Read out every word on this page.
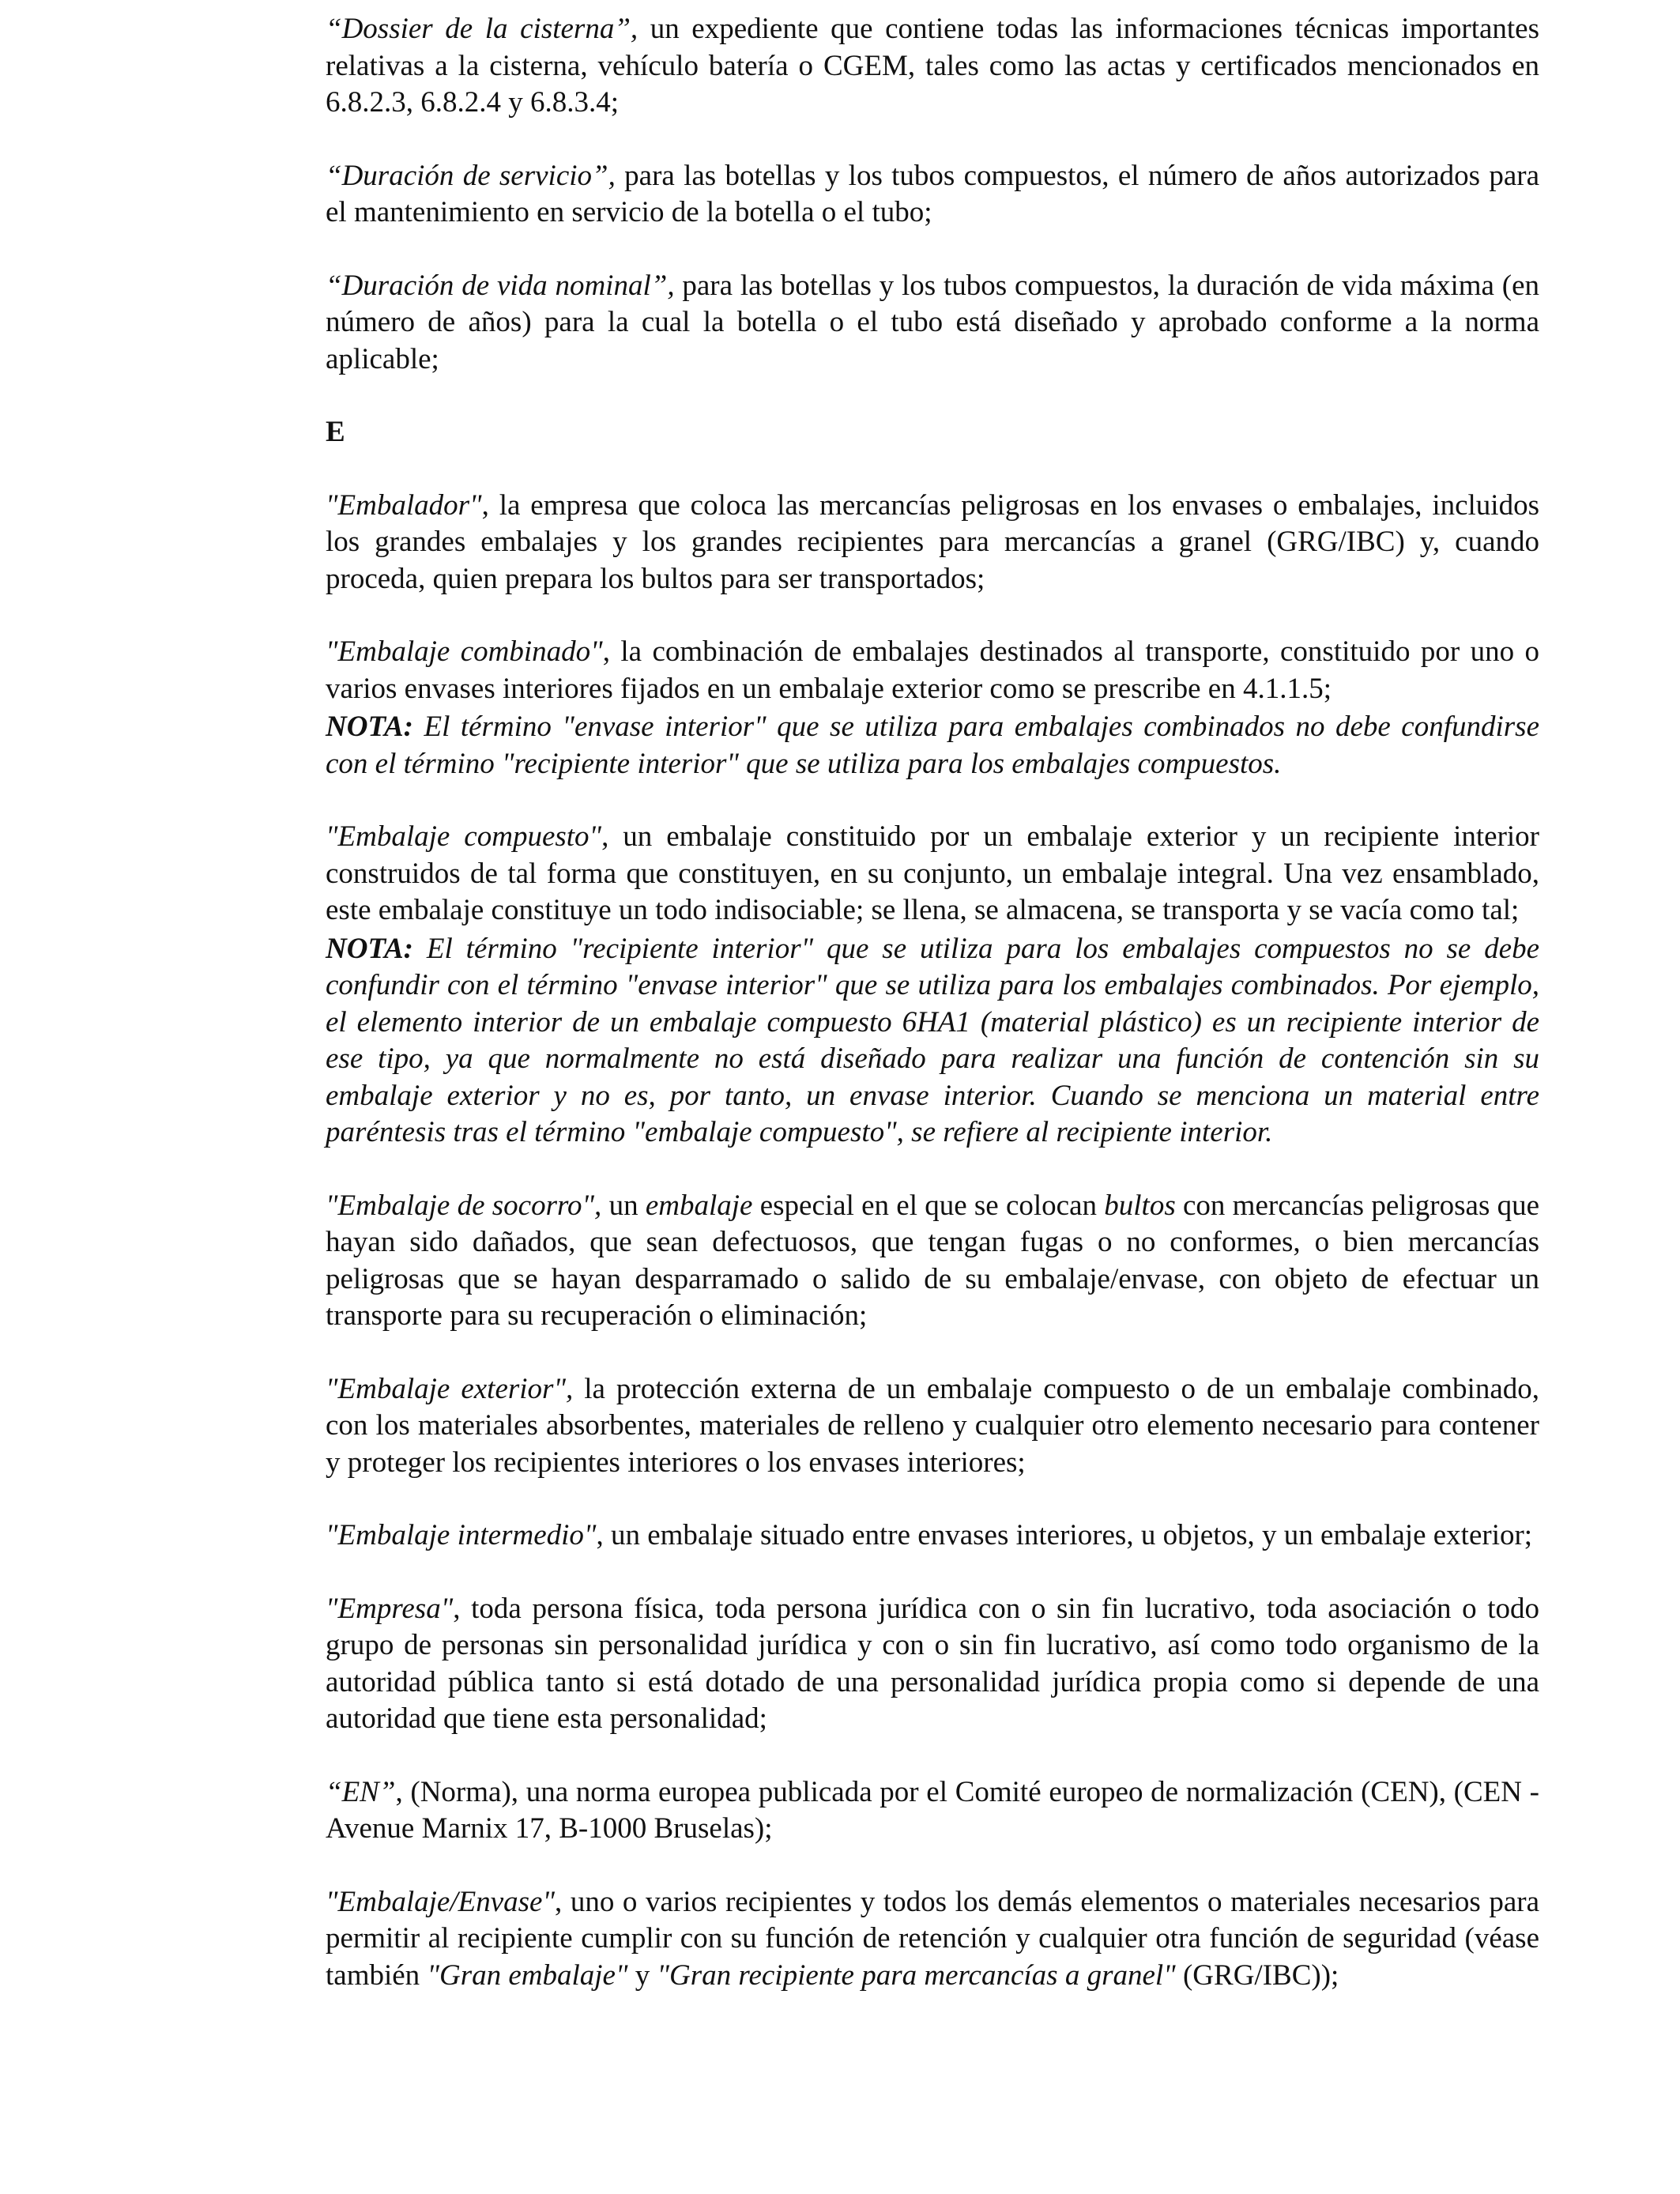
“Dossier de la cisterna”, un expediente que contiene todas las informaciones técnicas importantes relativas a la cisterna, vehículo batería o CGEM, tales como las actas y certificados mencionados en 6.8.2.3, 6.8.2.4 y 6.8.3.4;

“Duración de servicio”, para las botellas y los tubos compuestos, el número de años autorizados para el mantenimiento en servicio de la botella o el tubo;

“Duración de vida nominal”, para las botellas y los tubos compuestos, la duración de vida máxima (en número de años) para la cual la botella o el tubo está diseñado y aprobado conforme a la norma aplicable;

E

"Embalador", la empresa que coloca las mercancías peligrosas en los envases o embalajes, incluidos los grandes embalajes y los grandes recipientes para mercancías a granel (GRG/IBC) y, cuando proceda, quien prepara los bultos para ser transportados;

"Embalaje combinado", la combinación de embalajes destinados al transporte, constituido por uno o varios envases interiores fijados en un embalaje exterior como se prescribe en 4.1.1.5;

NOTA: El término "envase interior" que se utiliza para embalajes combinados no debe confundirse con el término "recipiente interior" que se utiliza para los embalajes compuestos.

"Embalaje compuesto", un embalaje constituido por un embalaje exterior y un recipiente interior construidos de tal forma que constituyen, en su conjunto, un embalaje integral. Una vez ensamblado, este embalaje constituye un todo indisociable; se llena, se almacena, se transporta y se vacía como tal;

NOTA: El término "recipiente interior" que se utiliza para los embalajes compuestos no se debe confundir con el término "envase interior" que se utiliza para los embalajes combinados. Por ejemplo, el elemento interior de un embalaje compuesto 6HA1 (material plástico) es un recipiente interior de ese tipo, ya que normalmente no está diseñado para realizar una función de contención sin su embalaje exterior y no es, por tanto, un envase interior. Cuando se menciona un material entre paréntesis tras el término "embalaje compuesto", se refiere al recipiente interior.

"Embalaje de socorro", un embalaje especial en el que se colocan bultos con mercancías peligrosas que hayan sido dañados, que sean defectuosos, que tengan fugas o no conformes, o bien mercancías peligrosas que se hayan desparramado o salido de su embalaje/envase, con objeto de efectuar un transporte para su recuperación o eliminación;

"Embalaje exterior", la protección externa de un embalaje compuesto o de un embalaje combinado, con los materiales absorbentes, materiales de relleno y cualquier otro elemento necesario para contener y proteger los recipientes interiores o los envases interiores;

"Embalaje intermedio", un embalaje situado entre envases interiores, u objetos, y un embalaje exterior;

"Empresa", toda persona física, toda persona jurídica con o sin fin lucrativo, toda asociación o todo grupo de personas sin personalidad jurídica y con o sin fin lucrativo, así como todo organismo de la autoridad pública tanto si está dotado de una personalidad jurídica propia como si depende de una autoridad que tiene esta personalidad;

“EN”, (Norma), una norma europea publicada por el Comité europeo de normalización (CEN), (CEN - Avenue Marnix 17, B-1000 Bruselas);

"Embalaje/Envase", uno o varios recipientes y todos los demás elementos o materiales necesarios para permitir al recipiente cumplir con su función de retención y cualquier otra función de seguridad (véase también "Gran embalaje" y "Gran recipiente para mercancías a granel" (GRG/IBC));
